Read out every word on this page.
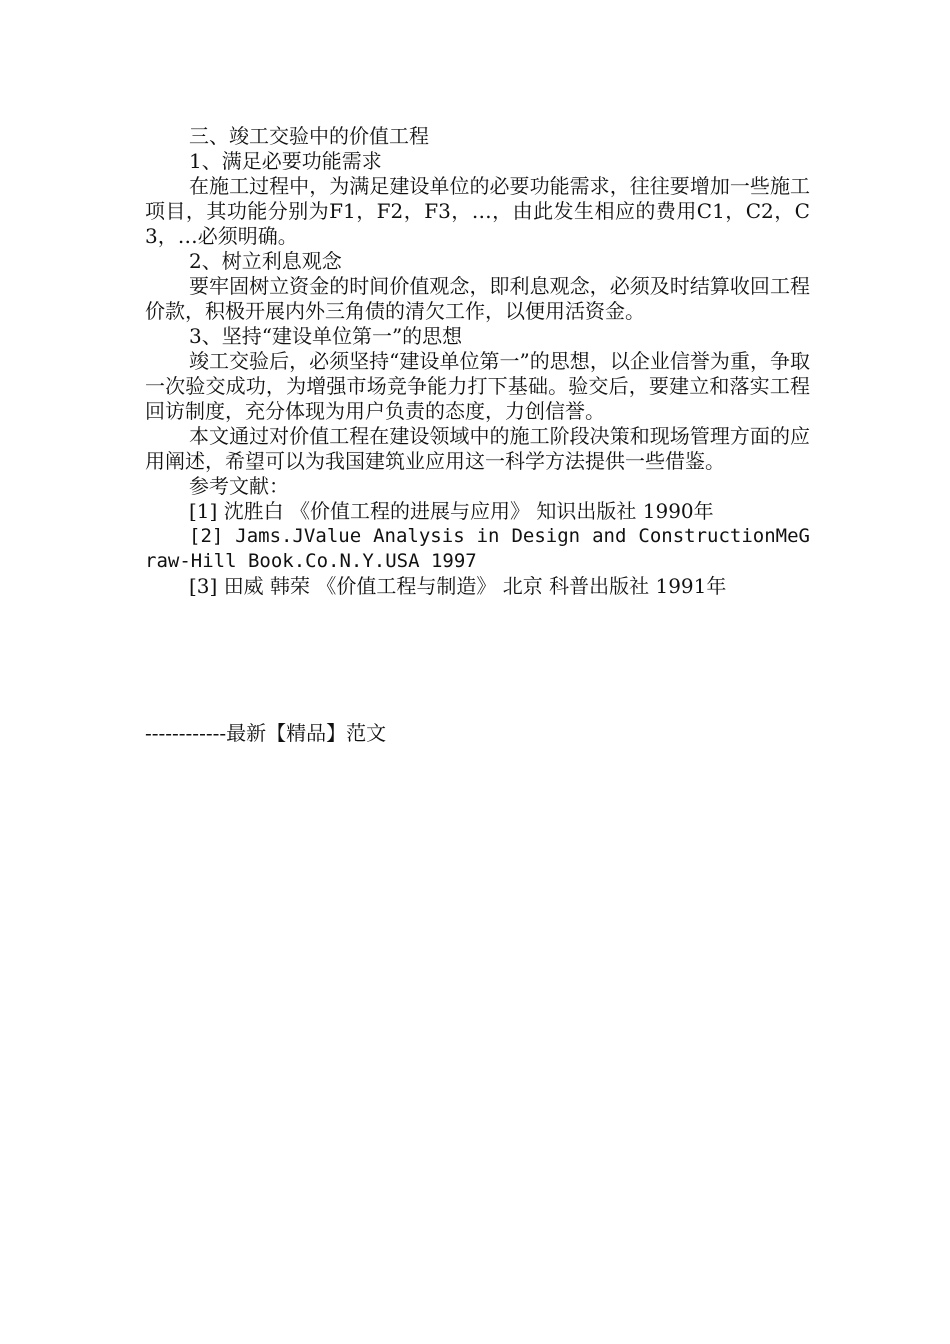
三、竣工交验中的价值工程

1、满足必要功能需求

在施工过程中，为满足建设单位的必要功能需求，往往要增加一些施工项目，其功能分别为F1，F2，F3，…，由此发生相应的费用C1，C2，C3，…必须明确。

2、树立利息观念

要牢固树立资金的时间价值观念，即利息观念，必须及时结算收回工程价款，积极开展内外三角债的清欠工作，以便用活资金。

3、坚持“建设单位第一”的思想

竣工交验后，必须坚持“建设单位第一”的思想，以企业信誉为重，争取一次验交成功，为增强市场竞争能力打下基础。验交后，要建立和落实工程回访制度，充分体现为用户负责的态度，力创信誉。

本文通过对价值工程在建设领域中的施工阶段决策和现场管理方面的应用阐述，希望可以为我国建筑业应用这一科学方法提供一些借鉴。

参考文献：

[1] 沈胜白 《价值工程的进展与应用》 知识出版社 1990年

[2] Jams.JValue Analysis in Design and ConstructionMeGraw-Hill Book.Co.N.Y.USA 1997

[3] 田威 韩荣 《价值工程与制造》 北京 科普出版社 1991年

------------最新【精品】范文
